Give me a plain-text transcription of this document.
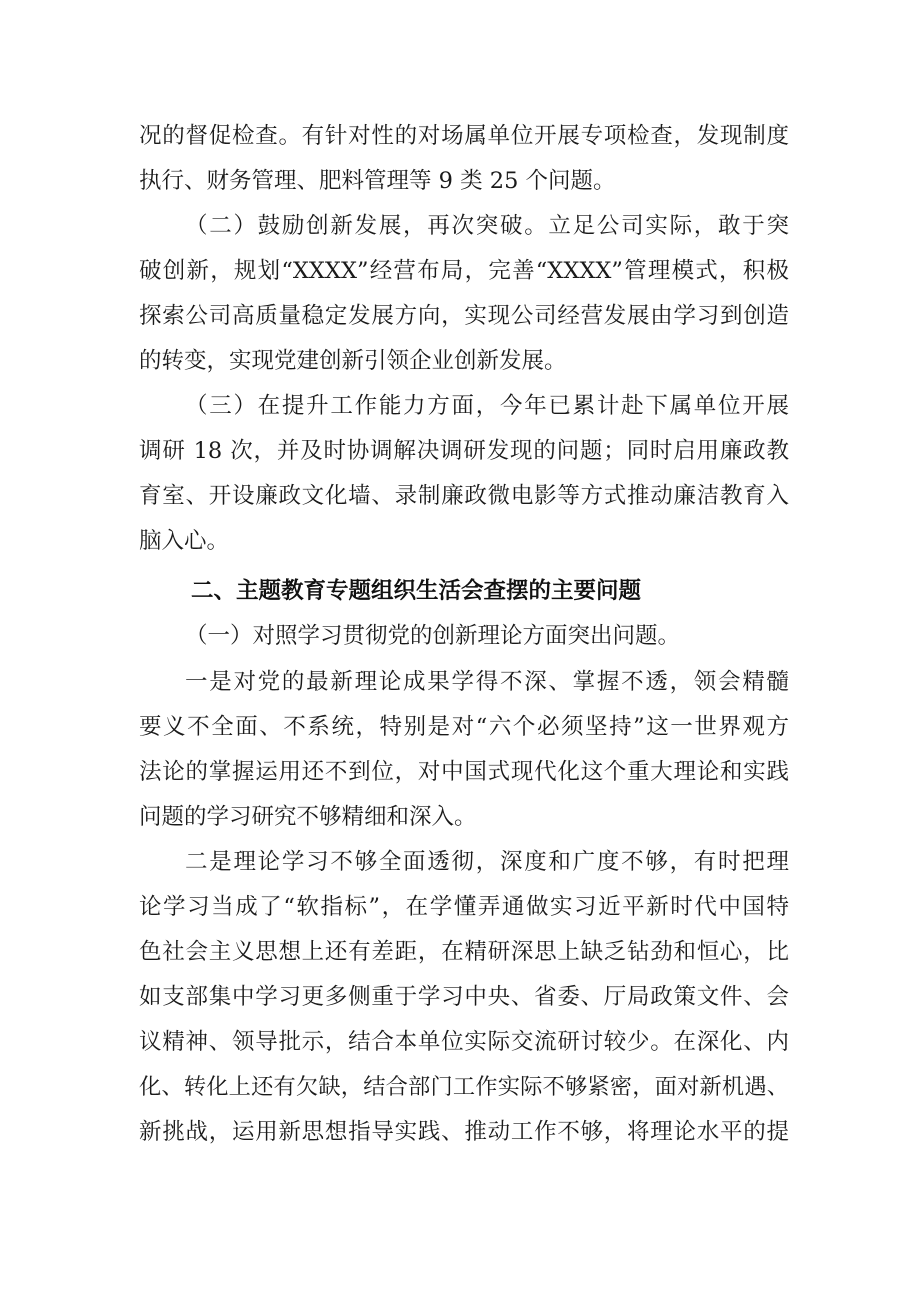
况的督促检查。有针对性的对场属单位开展专项检查，发现制度
执行、财务管理、肥料管理等 9 类 25 个问题。
（二）鼓励创新发展，再次突破。立足公司实际，敢于突
破创新，规划“XXXX”经营布局，完善“XXXX”管理模式，积极
探索公司高质量稳定发展方向，实现公司经营发展由学习到创造
的转变，实现党建创新引领企业创新发展。
（三）在提升工作能力方面，今年已累计赴下属单位开展
调研 18 次，并及时协调解决调研发现的问题；同时启用廉政教
育室、开设廉政文化墙、录制廉政微电影等方式推动廉洁教育入
脑入心。
二、主题教育专题组织生活会查摆的主要问题
（一）对照学习贯彻党的创新理论方面突出问题。
一是对党的最新理论成果学得不深、掌握不透，领会精髓
要义不全面、不系统，特别是对“六个必须坚持”这一世界观方
法论的掌握运用还不到位，对中国式现代化这个重大理论和实践
问题的学习研究不够精细和深入。
二是理论学习不够全面透彻，深度和广度不够，有时把理
论学习当成了“软指标”，在学懂弄通做实习近平新时代中国特
色社会主义思想上还有差距，在精研深思上缺乏钻劲和恒心，比
如支部集中学习更多侧重于学习中央、省委、厅局政策文件、会
议精神、领导批示，结合本单位实际交流研讨较少。在深化、内
化、转化上还有欠缺，结合部门工作实际不够紧密，面对新机遇、
新挑战，运用新思想指导实践、推动工作不够，将理论水平的提
